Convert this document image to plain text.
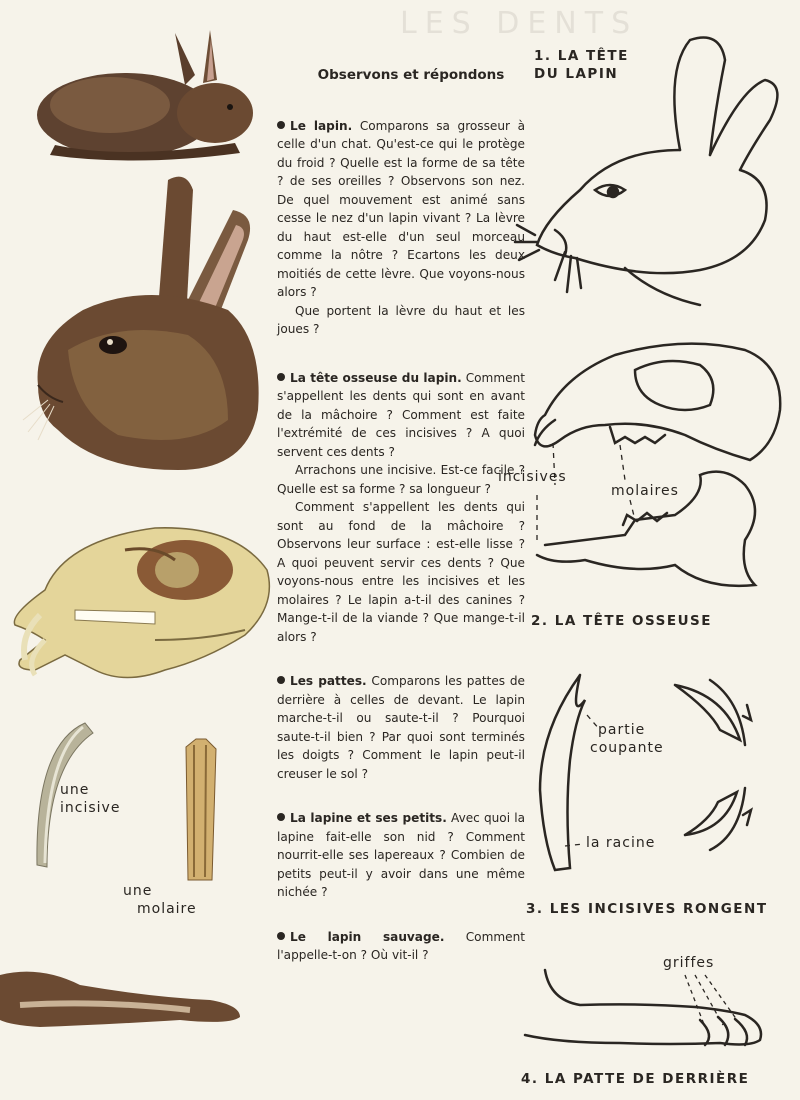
LES DENTS
une
incisive
une
molaire
Observons et répondons

Le lapin. Comparons sa grosseur à celle d'un chat. Qu'est-ce qui le protège du froid ? Quelle est la forme de sa tête ? de ses oreilles ? Observons son nez. De quel mouvement est animé sans cesse le nez d'un lapin vivant ? La lèvre du haut est-elle d'un seul morceau comme la nôtre ? Ecartons les deux moitiés de cette lèvre. Que voyons-nous alors ?

Que portent la lèvre du haut et les joues ?

La tête osseuse du lapin. Comment s'appellent les dents qui sont en avant de la mâchoire ? Comment est faite l'extrémité de ces incisives ? A quoi servent ces dents ?

Arrachons une incisive. Est-ce facile ? Quelle est sa forme ? sa longueur ?

Comment s'appellent les dents qui sont au fond de la mâchoire ? Observons leur surface : est-elle lisse ? A quoi peuvent servir ces dents ? Que voyons-nous entre les incisives et les molaires ? Le lapin a-t-il des canines ? Mange-t-il de la viande ? Que mange-t-il alors ?

Les pattes. Comparons les pattes de derrière à celles de devant. Le lapin marche-t-il ou saute-t-il ? Pourquoi saute-t-il bien ? Par quoi sont terminés les doigts ? Comment le lapin peut-il creuser le sol ?

La lapine et ses petits. Avec quoi la lapine fait-elle son nid ? Comment nourrit-elle ses lapereaux ? Combien de petits peut-il y avoir dans une même nichée ?

Le lapin sauvage. Comment l'appelle-t-on ? Où vit-il ?

1. LA TÊTE
DU LAPIN
incisives
molaires
2. LA TÊTE OSSEUSE
partie
coupante
la racine
3. LES INCISIVES RONGENT
griffes
4. LA PATTE DE DERRIÈRE
